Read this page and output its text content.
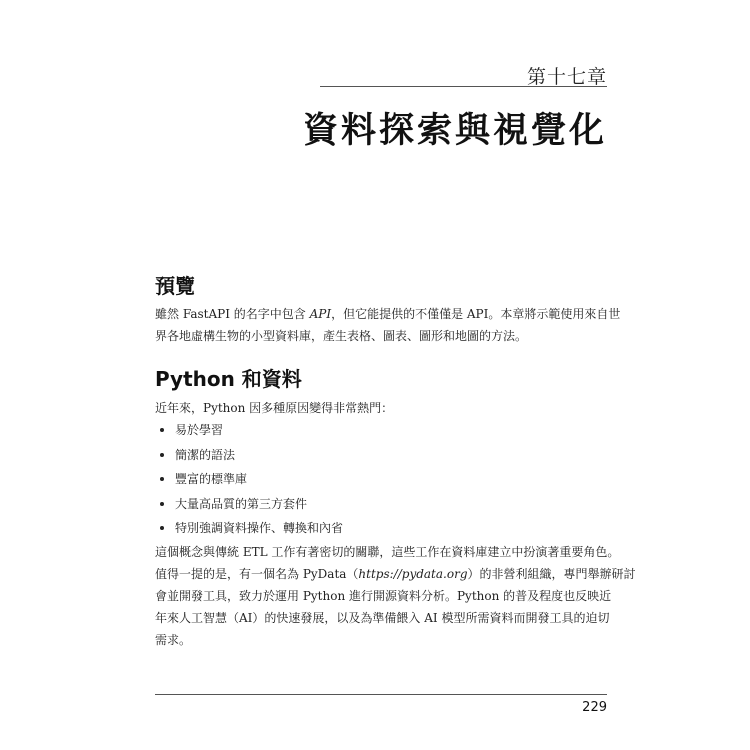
第十七章
資料探索與視覺化
預覽
雖然 FastAPI 的名字中包含 API，但它能提供的不僅僅是 API。本章將示範使用來自世
界各地虛構生物的小型資料庫，產生表格、圖表、圖形和地圖的方法。
Python 和資料
近年來，Python 因多種原因變得非常熱門：
易於學習
簡潔的語法
豐富的標準庫
大量高品質的第三方套件
特別強調資料操作、轉換和內省
這個概念與傳統 ETL 工作有著密切的關聯，這些工作在資料庫建立中扮演著重要角色。
值得一提的是，有一個名為 PyData（https://pydata.org）的非營利組織，專門舉辦研討
會並開發工具，致力於運用 Python 進行開源資料分析。Python 的普及程度也反映近
年來人工智慧（AI）的快速發展，以及為準備餵入 AI 模型所需資料而開發工具的迫切
需求。
229
